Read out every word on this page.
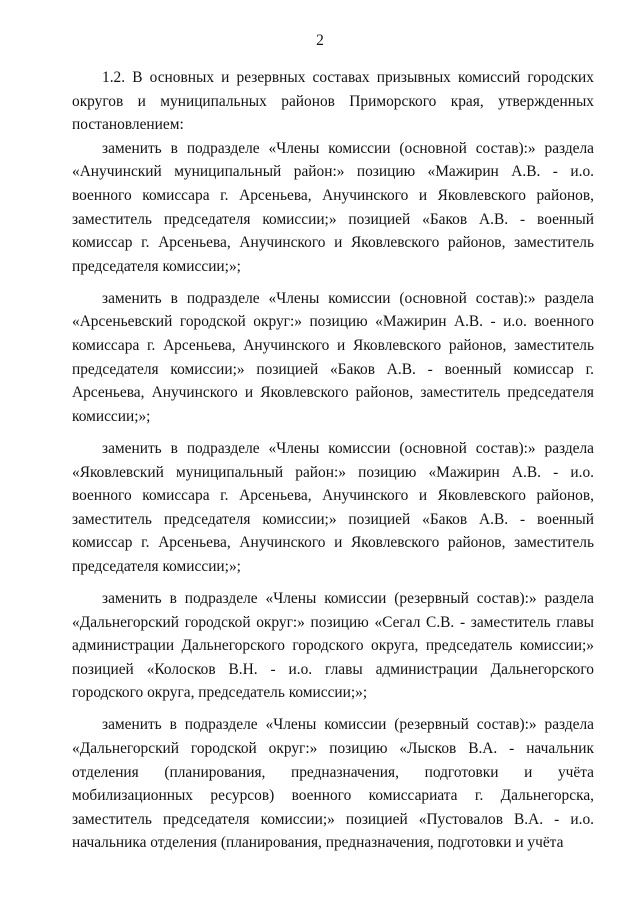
2

1.2. В основных и резервных составах призывных комиссий городских округов и муниципальных районов Приморского края, утвержденных постановлением:

заменить в подразделе «Члены комиссии (основной состав):» раздела «Анучинский муниципальный район:» позицию «Мажирин А.В. - и.о. военного комиссара г. Арсеньева, Анучинского и Яковлевского районов, заместитель председателя комиссии;» позицией «Баков А.В. - военный комиссар г. Арсеньева, Анучинского и Яковлевского районов, заместитель председателя комиссии;»;

заменить в подразделе «Члены комиссии (основной состав):» раздела «Арсеньевский городской округ:» позицию «Мажирин А.В. - и.о. военного комиссара г. Арсеньева, Анучинского и Яковлевского районов, заместитель председателя комиссии;» позицией «Баков А.В. - военный комиссар г. Арсеньева, Анучинского и Яковлевского районов, заместитель председателя комиссии;»;

заменить в подразделе «Члены комиссии (основной состав):» раздела «Яковлевский муниципальный район:» позицию «Мажирин А.В. - и.о. военного комиссара г. Арсеньева, Анучинского и Яковлевского районов, заместитель председателя комиссии;» позицией «Баков А.В. - военный комиссар г. Арсеньева, Анучинского и Яковлевского районов, заместитель председателя комиссии;»;

заменить в подразделе «Члены комиссии (резервный состав):» раздела «Дальнегорский городской округ:» позицию «Сегал С.В. - заместитель главы администрации Дальнегорского городского округа, председатель комиссии;» позицией «Колосков В.Н. - и.о. главы администрации Дальнегорского городского округа, председатель комиссии;»;

заменить в подразделе «Члены комиссии (резервный состав):» раздела «Дальнегорский городской округ:» позицию «Лысков В.А. - начальник отделения (планирования, предназначения, подготовки и учёта мобилизационных ресурсов) военного комиссариата г. Дальнегорска, заместитель председателя комиссии;» позицией «Пустовалов В.А. - и.о. начальника отделения (планирования, предназначения, подготовки и учёта
